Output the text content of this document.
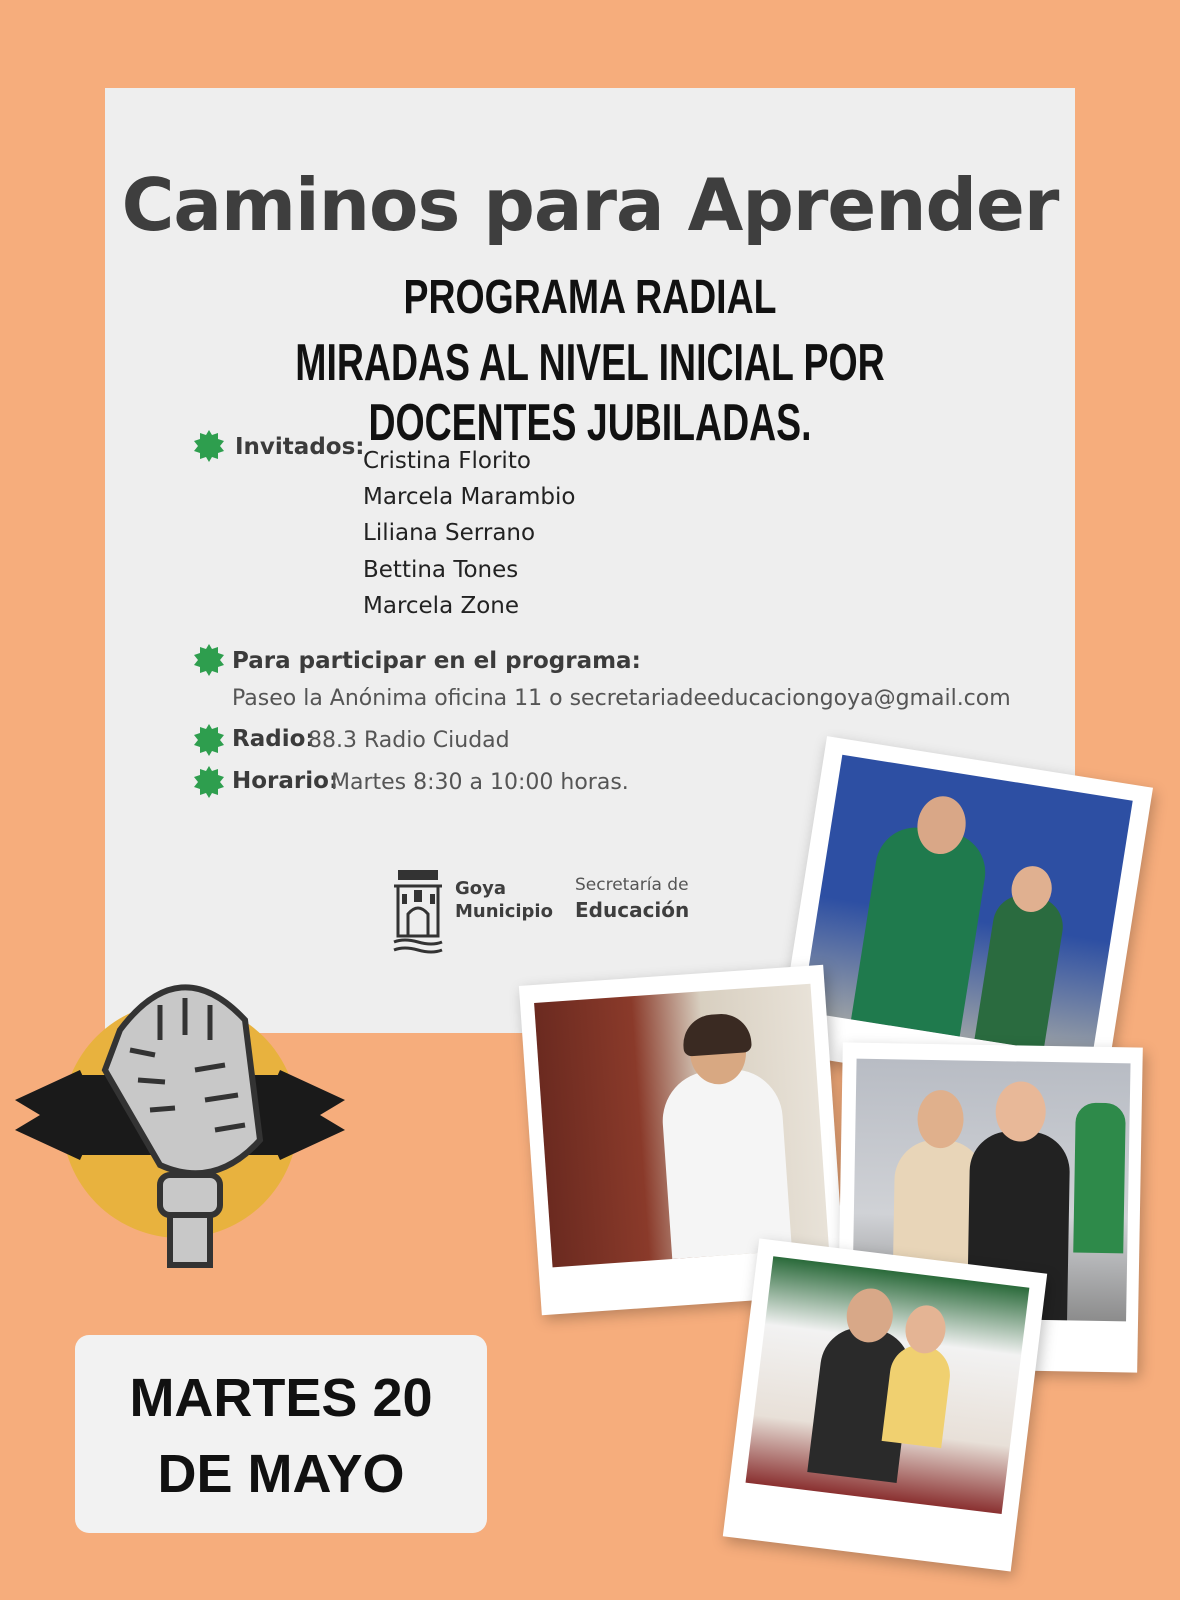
Caminos para Aprender
PROGRAMA RADIAL
MIRADAS AL NIVEL INICIAL POR DOCENTES JUBILADAS.
Invitados:
Cristina Florito
Marcela Marambio
Liliana Serrano
Bettina Tones
Marcela Zone
Para participar en el programa:
Paseo la Anónima oficina 11 o secretariadeeducaciongoya@gmail.com
Radio:
88.3 Radio Ciudad
Horario:
Martes 8:30 a 10:00 horas.
Goya
Municipio
Secretaría de
Educación
MARTES 20
DE MAYO
